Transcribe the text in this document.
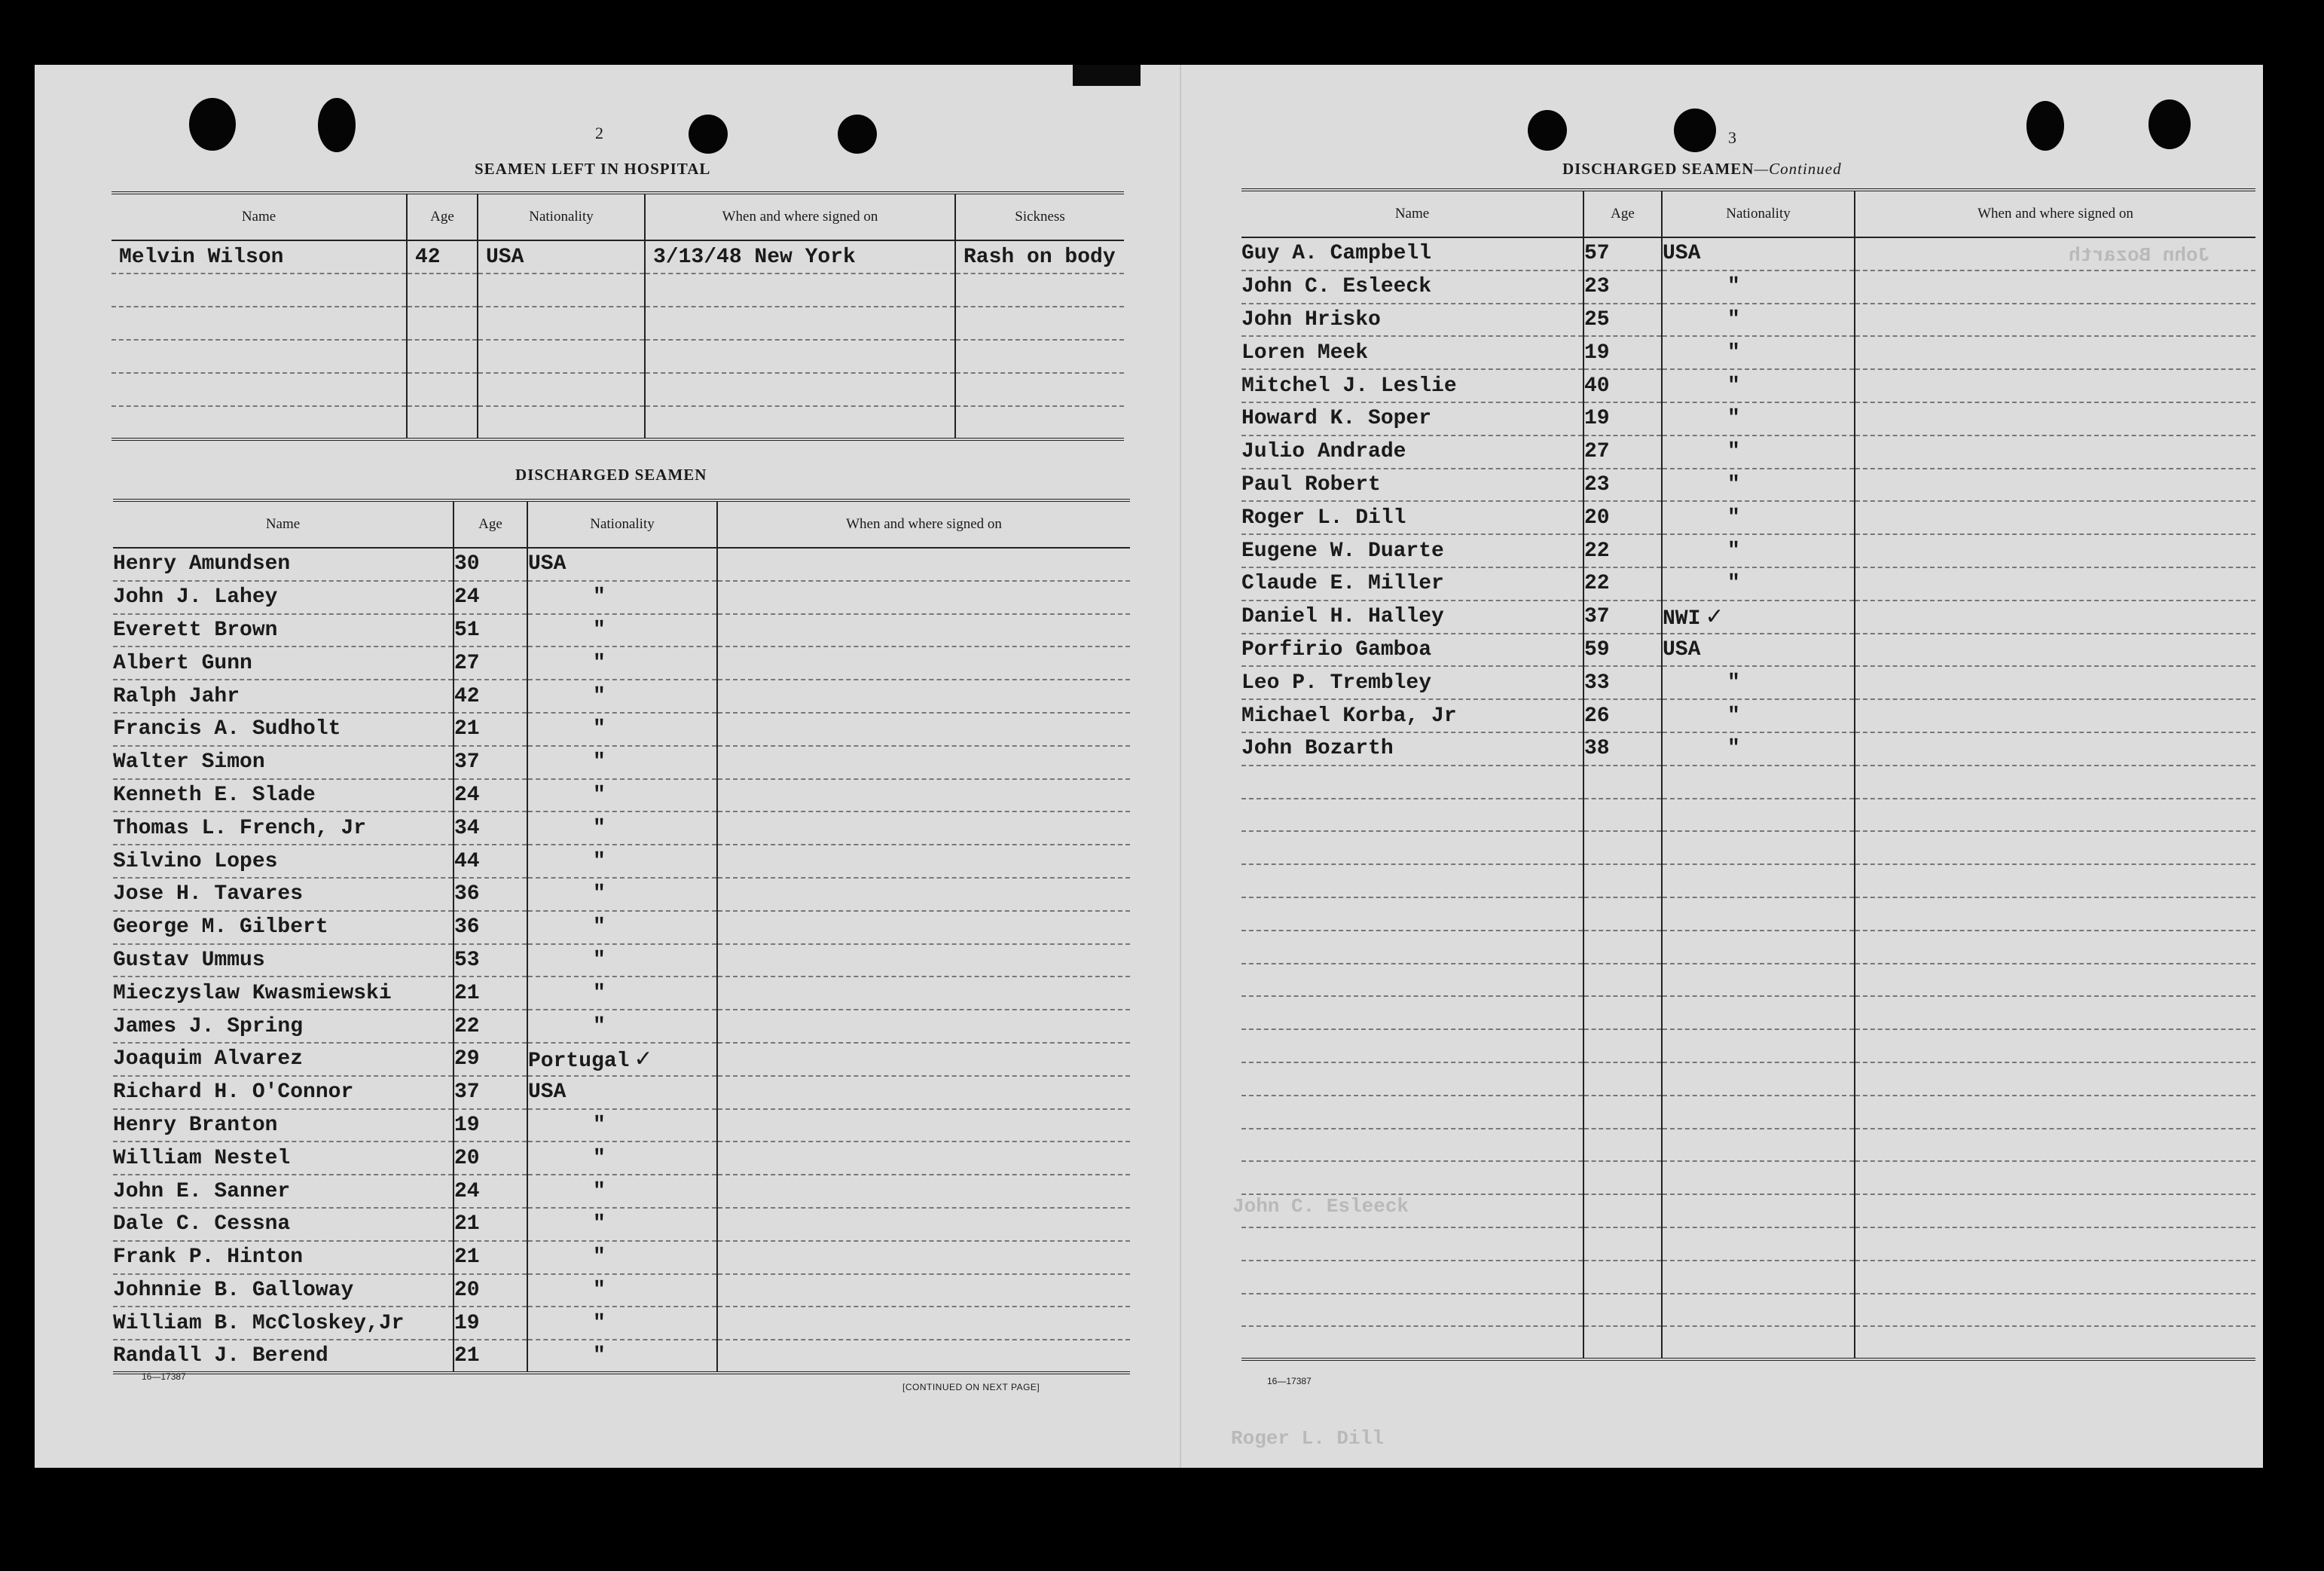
2
SEAMEN LEFT IN HOSPITAL
Name	Age	Nationality	When and where signed on	Sickness
Melvin Wilson	42	USA	3/13/48 New York	Rash on body

DISCHARGED SEAMEN
Name	Age	Nationality	When and where signed on
Henry Amundsen	30	USA	
John J. Lahey	24	"	
Everett Brown	51	"	
Albert Gunn	27	"	
Ralph Jahr	42	"	
Francis A. Sudholt	21	"	
Walter Simon	37	"	
Kenneth E. Slade	24	"	
Thomas L. French, Jr	34	"	
Silvino Lopes	44	"	
Jose H. Tavares	36	"	
George M. Gilbert	36	"	
Gustav Ummus	53	"	
Mieczyslaw Kwasmiewski	21	"	
James J. Spring	22	"	
Joaquim Alvarez	29	Portugal ✓	
Richard H. O'Connor	37	USA	
Henry Branton	19	"	
William Nestel	20	"	
John E. Sanner	24	"	
Dale C. Cessna	21	"	
Frank P. Hinton	21	"	
Johnnie B. Galloway	20	"	
William B. McCloskey,Jr	19	"	
Randall J. Berend	21	"	
16—17387
[CONTINUED ON NEXT PAGE]
3
DISCHARGED SEAMEN—Continued
Name	Age	Nationality	When and where signed on
Guy A. Campbell	57	USA	
John C. Esleeck	23	"	
John Hrisko	25	"	
Loren Meek	19	"	
Mitchel J. Leslie	40	"	
Howard K. Soper	19	"	
Julio Andrade	27	"	
Paul Robert	23	"	
Roger L. Dill	20	"	
Eugene W. Duarte	22	"	
Claude E. Miller	22	"	
Daniel H. Halley	37	NWI ✓	
Porfirio Gamboa	59	USA	
Leo P. Trembley	33	"	
Michael Korba, Jr	26	"	
John Bozarth	38	"	

16—17387
John Bozarth
John C. Esleeck
Roger L. Dill
